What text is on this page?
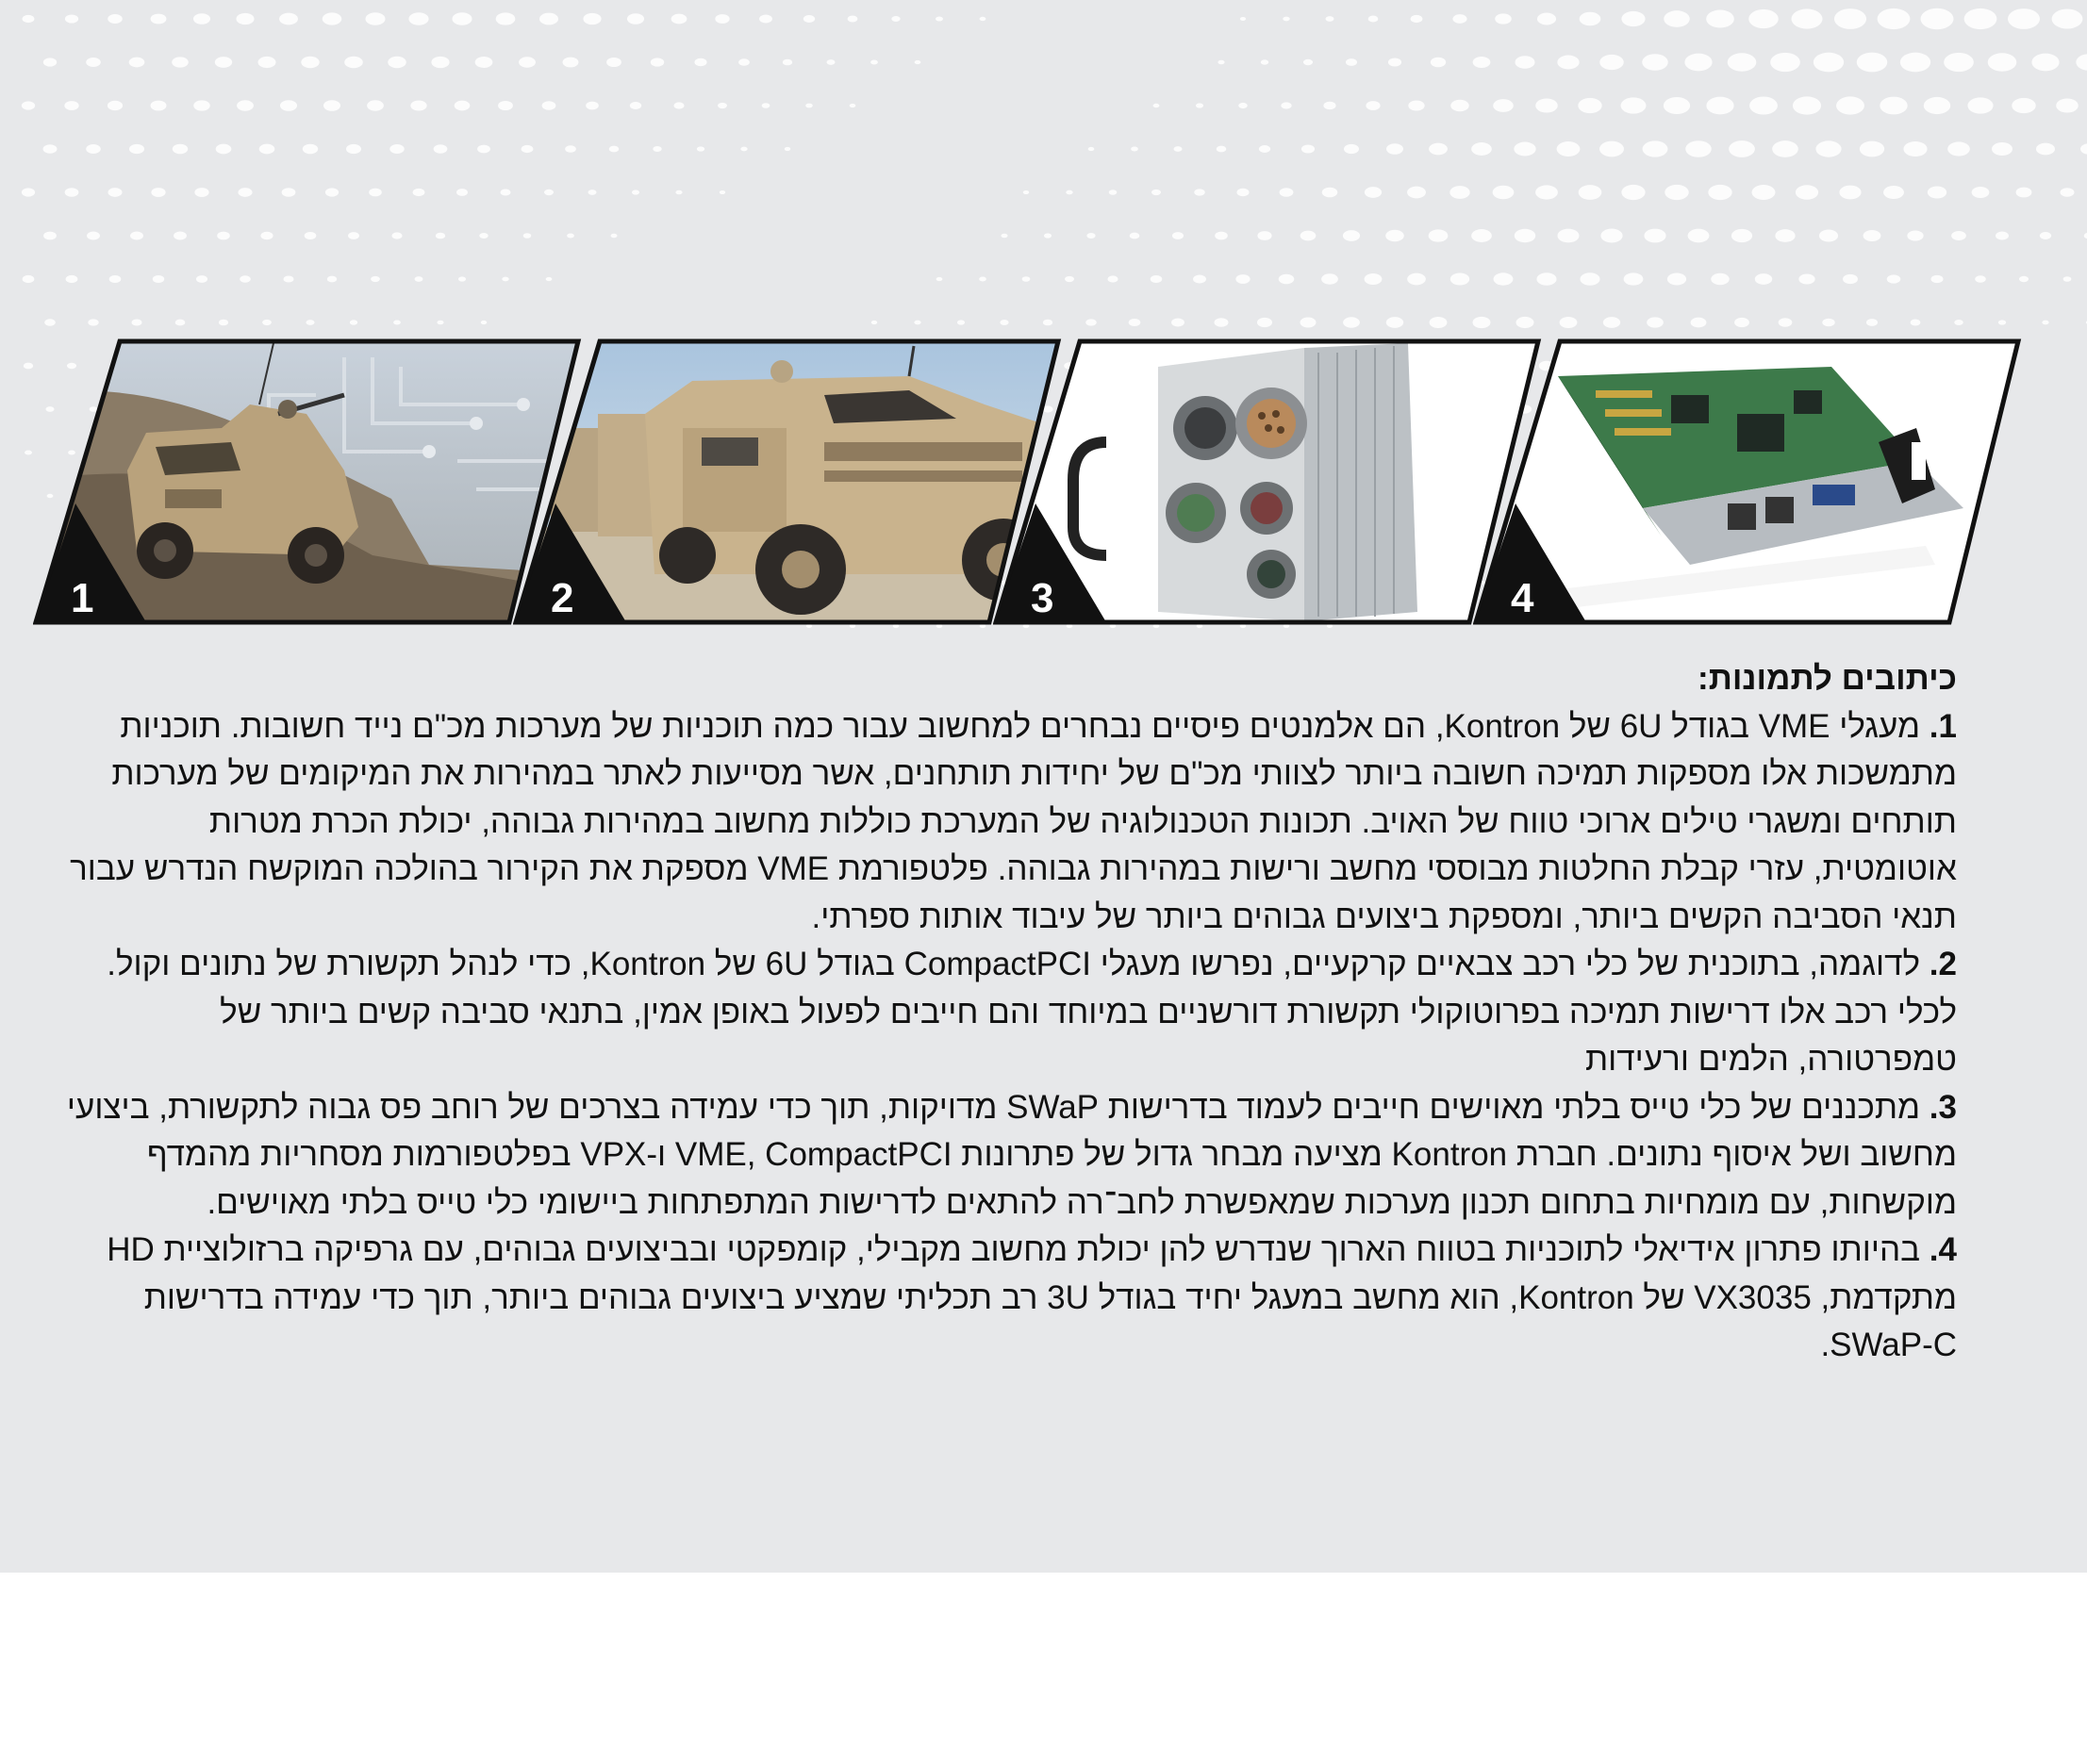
1	2	3	4

כיתובים לתמונות:

1. מעגלי VME בגודל 6U של Kontron, הם אלמנטים פיסיים נבחרים למחשוב עבור כמה תוכניות של מערכות מכ"ם נייד חשובות. תוכניות מתמשכות אלו מספקות תמיכה חשובה ביותר לצוותי מכ"ם של יחידות תותחנים, אשר מסייעות לאתר במהירות את המיקומים של מערכות תותחים ומשגרי טילים ארוכי טווח של האויב. תכונות הטכנולוגיה של המערכת כוללות מחשוב במהירות גבוהה, יכולת הכרת מטרות אוטומטית, עזרי קבלת החלטות מבוססי מחשב ורישות במהירות גבוהה. פלטפורמת VME מספקת את הקירור בהולכה המוקשח הנדרש עבור תנאי הסביבה הקשים ביותר, ומספקת ביצועים גבוהים ביותר של עיבוד אותות ספרתי.

2. לדוגמה, בתוכנית של כלי רכב צבאיים קרקעיים, נפרשו מעגלי CompactPCI בגודל 6U של Kontron, כדי לנהל תקשורת של נתונים וקול. לכלי רכב אלו דרישות תמיכה בפרוטוקולי תקשורת דורשניים במיוחד והם חייבים לפעול באופן אמין, בתנאי סביבה קשים ביותר של טמפרטורה, הלמים ורעידות

3. מתכננים של כלי טייס בלתי מאוישים חייבים לעמוד בדרישות SWaP מדויקות, תוך כדי עמידה בצרכים של רוחב פס גבוה לתקשורת, ביצועי מחשוב ושל איסוף נתונים. חברת Kontron מציעה מבחר גדול של פתרונות VME, CompactPCI ו-VPX בפלטפורמות מסחריות מהמדף מוקשחות, עם מומחיות בתחום תכנון מערכות שמאפשרת לחב־רה להתאים לדרישות המתפתחות ביישומי כלי טייס בלתי מאוישים.

4. בהיותו פתרון אידיאלי לתוכניות בטווח הארוך שנדרש להן יכולת מחשוב מקבילי, קומפקטי ובביצועים גבוהים, עם גרפיקה ברזולוציית HD מתקדמת, VX3035 של Kontron, הוא מחשב במעגל יחיד בגודל 3U רב תכליתי שמציע ביצועים גבוהים ביותר, תוך כדי עמידה בדרישות SWaP-C.
